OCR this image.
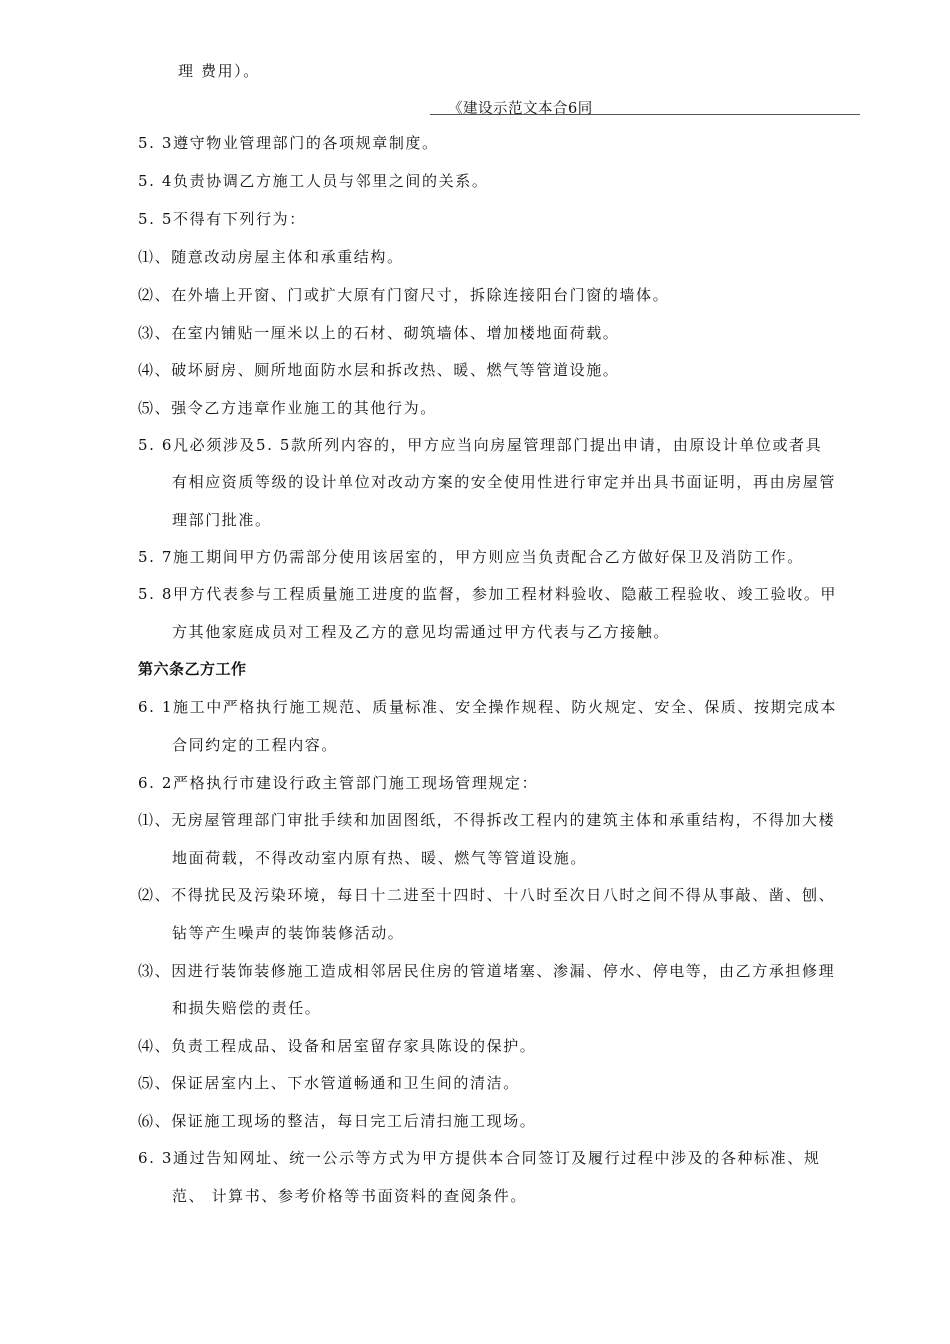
理 费用）。
《建设示范文本合6同
5. 3遵守物业管理部门的各项规章制度。
5. 4负责协调乙方施工人员与邻里之间的关系。
5. 5不得有下列行为：
⑴、随意改动房屋主体和承重结构。
⑵、在外墙上开窗、门或扩大原有门窗尺寸，拆除连接阳台门窗的墙体。
⑶、在室内铺贴一厘米以上的石材、砌筑墙体、增加楼地面荷载。
⑷、破坏厨房、厕所地面防水层和拆改热、暖、燃气等管道设施。
⑸、强令乙方违章作业施工的其他行为。
5. 6凡必须涉及5. 5款所列内容的，甲方应当向房屋管理部门提出申请，由原设计单位或者具
有相应资质等级的设计单位对改动方案的安全使用性进行审定并出具书面证明，再由房屋管
理部门批准。
5. 7施工期间甲方仍需部分使用该居室的，甲方则应当负责配合乙方做好保卫及消防工作。
5. 8甲方代表参与工程质量施工进度的监督，参加工程材料验收、隐蔽工程验收、竣工验收。甲
方其他家庭成员对工程及乙方的意见均需通过甲方代表与乙方接触。
第六条乙方工作
6. 1施工中严格执行施工规范、质量标准、安全操作规程、防火规定、安全、保质、按期完成本
合同约定的工程内容。
6. 2严格执行市建设行政主管部门施工现场管理规定：
⑴、无房屋管理部门审批手续和加固图纸，不得拆改工程内的建筑主体和承重结构，不得加大楼
地面荷载，不得改动室内原有热、暖、燃气等管道设施。
⑵、不得扰民及污染环境，每日十二进至十四时、十八时至次日八时之间不得从事敲、凿、刨、
钻等产生噪声的装饰装修活动。
⑶、因进行装饰装修施工造成相邻居民住房的管道堵塞、渗漏、停水、停电等，由乙方承担修理
和损失赔偿的责任。
⑷、负责工程成品、设备和居室留存家具陈设的保护。
⑸、保证居室内上、下水管道畅通和卫生间的清洁。
⑹、保证施工现场的整洁，每日完工后清扫施工现场。
6. 3通过告知网址、统一公示等方式为甲方提供本合同签订及履行过程中涉及的各种标准、规
范、 计算书、参考价格等书面资料的查阅条件。
